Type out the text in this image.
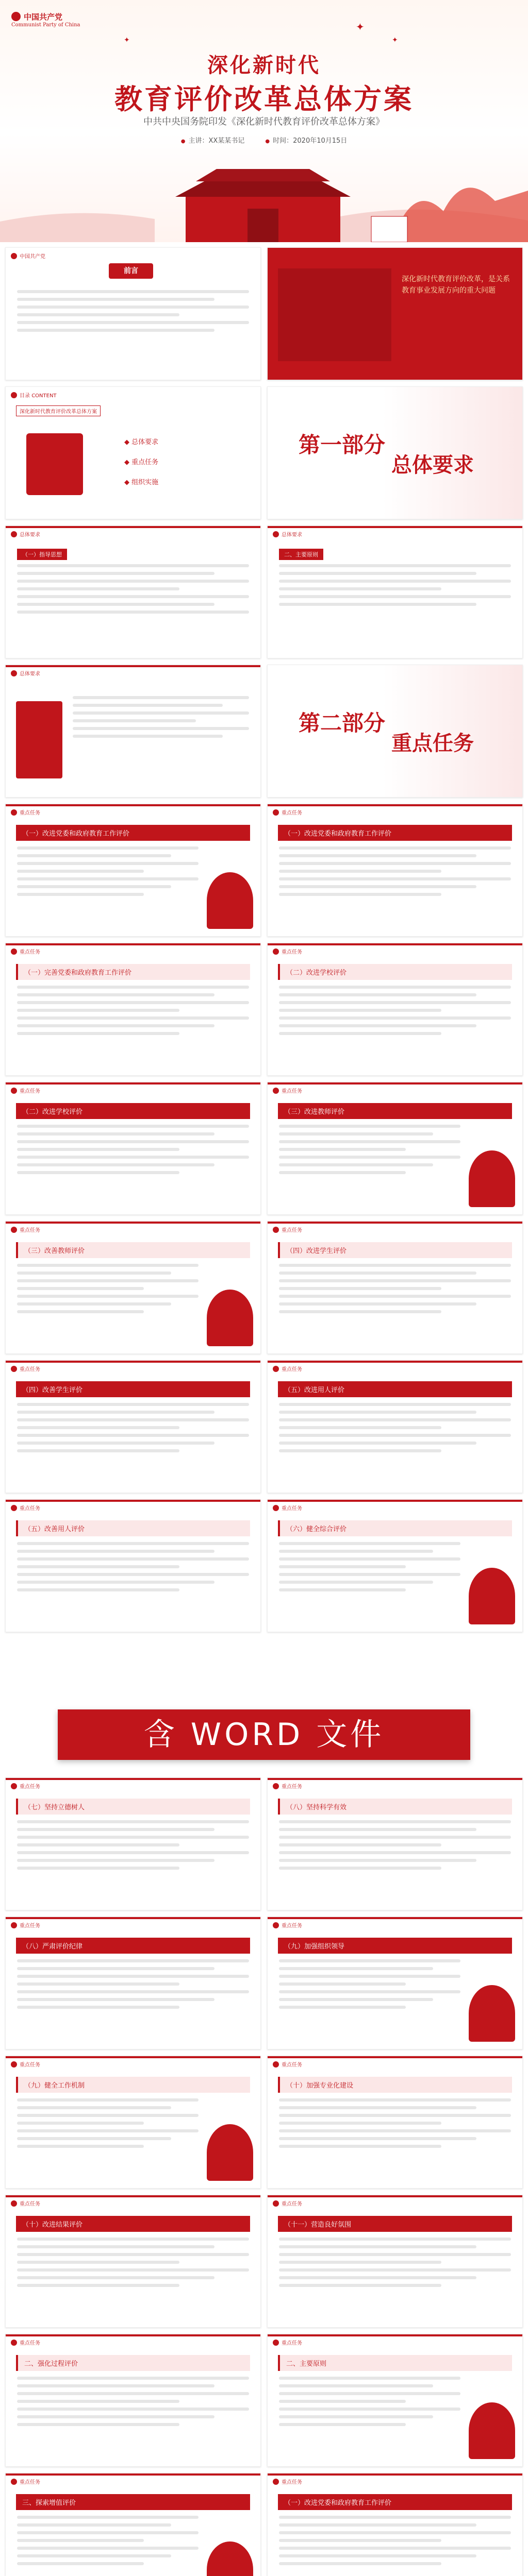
中国共产党
Communist Party of China	✦
✦
✦
深化新时代
教育评价改革总体方案
中共中央国务院印发《深化新时代教育评价改革总体方案》
● 主讲：XX某某书记 ●	时间：2020年10月15日
中国共产党
前言
深化新时代教育评价改革，是关系教育事业发展方向的重大问题
目录 CONTENT
深化新时代教育评价改革总体方案
◆ 总体要求
◆ 重点任务
◆ 组织实施
第一部分
总体要求
总体要求
（一）指导思想
总体要求
二、主要原则
总体要求
第二部分
重点任务
重点任务
（一）改进党委和政府教育工作评价
重点任务
（一）改进党委和政府教育工作评价
重点任务
（一）完善党委和政府教育工作评价
重点任务
（二）改进学校评价
重点任务
（二）改进学校评价
重点任务
（三）改进教师评价
重点任务
（三）改善教师评价
重点任务
（四）改进学生评价
重点任务
（四）改善学生评价
重点任务
（五）改进用人评价
重点任务
（五）改善用人评价
重点任务
（六）健全综合评价
重点任务
（七）坚持立德树人
重点任务
（八）坚持科学有效
重点任务
（八）严肃评价纪律
重点任务
（九）加强组织领导
重点任务
（九）健全工作机制
重点任务
（十）加强专业化建设
重点任务
（十）改进结果评价
重点任务
（十一）营造良好氛围
重点任务
二、强化过程评价
重点任务
二、主要原则
重点任务
三、探索增值评价
重点任务
（一）改进党委和政府教育工作评价
含 WORD 文件
